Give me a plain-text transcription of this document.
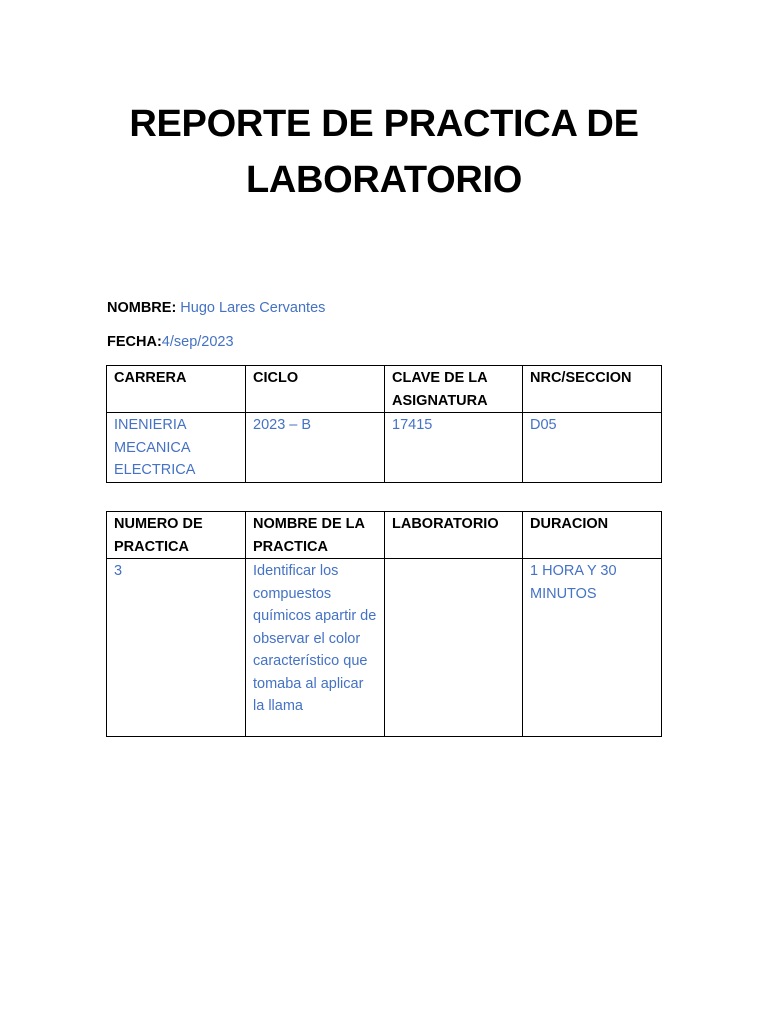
REPORTE DE PRACTICA DE
LABORATORIO
NOMBRE: Hugo Lares Cervantes
FECHA:4/sep/2023
CARRERA	CICLO	CLAVE DE LA ASIGNATURA	NRC/SECCION
INENIERIA MECANICA ELECTRICA	2023 – B	17415	D05
NUMERO DE PRACTICA	NOMBRE DE LA PRACTICA	LABORATORIO	DURACION
3	Identificar los compuestos químicos apartir de observar el color característico que tomaba al aplicar la llama		1 HORA Y 30 MINUTOS
